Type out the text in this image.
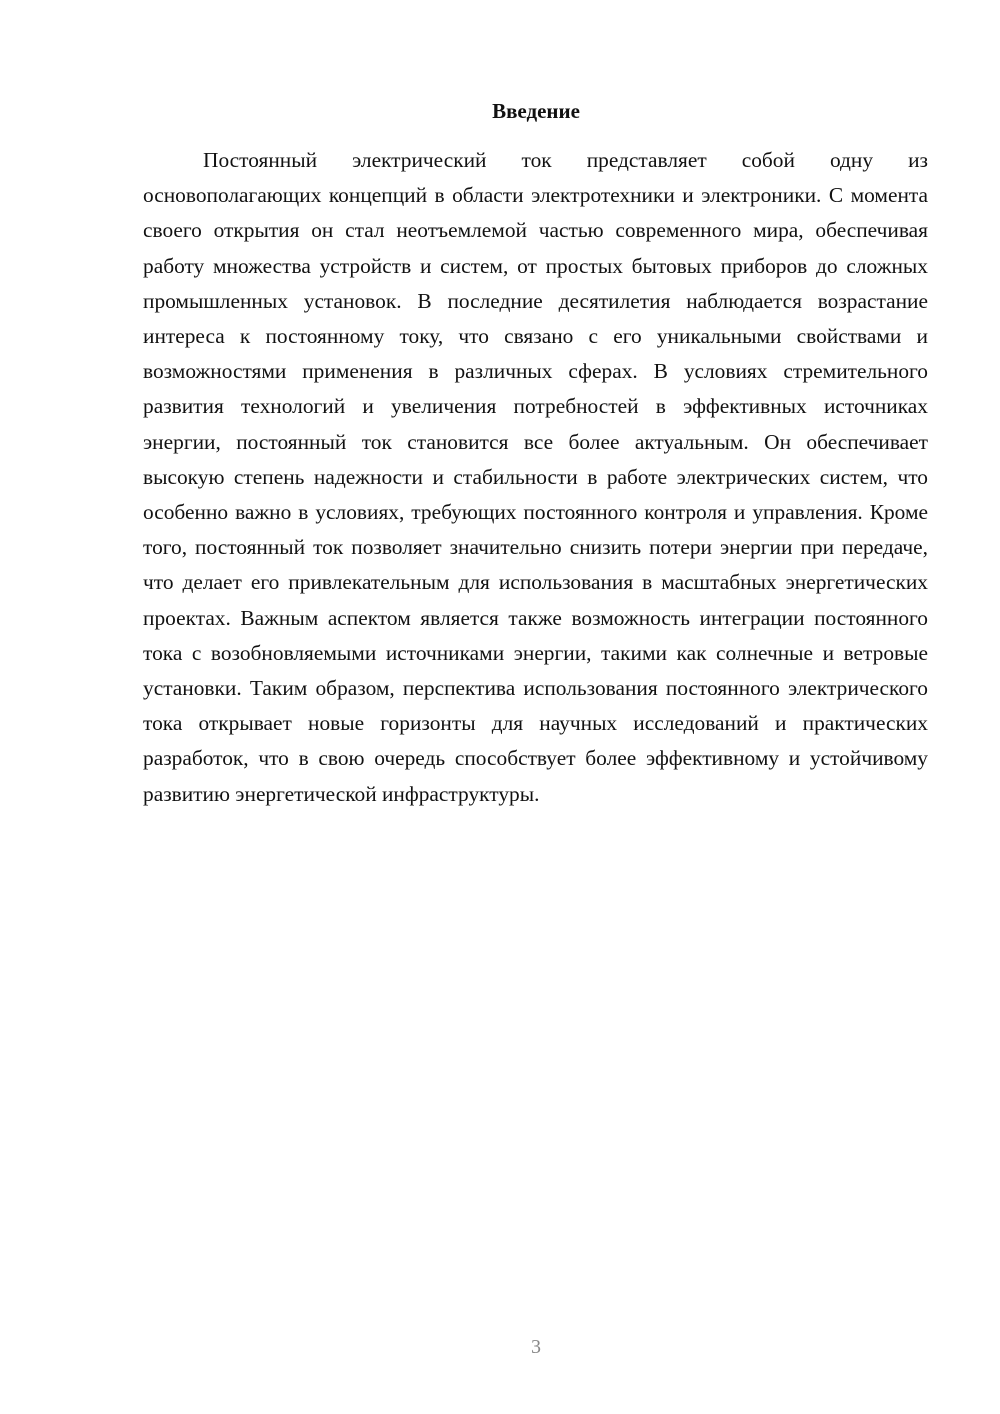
Введение

Постоянный электрический ток представляет собой одну из основополагающих концепций в области электротехники и электроники. С момента своего открытия он стал неотъемлемой частью современного мира, обеспечивая работу множества устройств и систем, от простых бытовых приборов до сложных промышленных установок. В последние десятилетия наблюдается возрастание интереса к постоянному току, что связано с его уникальными свойствами и возможностями применения в различных сферах. В условиях стремительного развития технологий и увеличения потребностей в эффективных источниках энергии, постоянный ток становится все более актуальным. Он обеспечивает высокую степень надежности и стабильности в работе электрических систем, что особенно важно в условиях, требующих постоянного контроля и управления. Кроме того, постоянный ток позволяет значительно снизить потери энергии при передаче, что делает его привлекательным для использования в масштабных энергетических проектах. Важным аспектом является также возможность интеграции постоянного тока с возобновляемыми источниками энергии, такими как солнечные и ветровые установки. Таким образом, перспектива использования постоянного электрического тока открывает новые горизонты для научных исследований и практических разработок, что в свою очередь способствует более эффективному и устойчивому развитию энергетической инфраструктуры.

3
